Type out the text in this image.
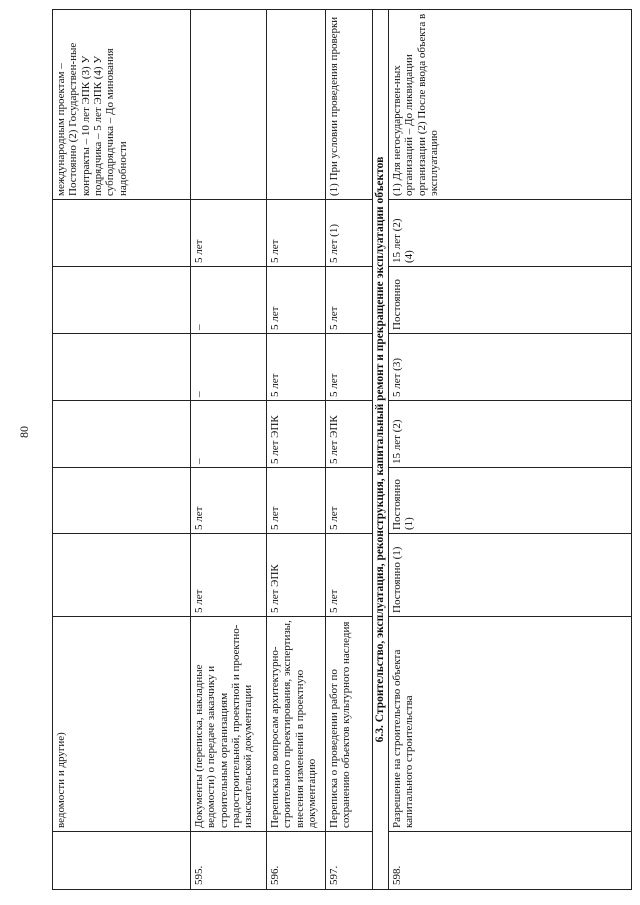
80
	ведомости и другие)							международным проектам – Постоянно (2) Государствен-ные контракты – 10 лет ЭПК (3) У подрядчика – 5 лет ЭПК (4) У субподрядчика – До минования надобности
595.	Документы (переписка, накладные ведомости) о передаче заказчику и строительным организациям градостроительной, проектной и проектно-изыскательской документации	5 лет	5 лет	–	–	–	5 лет	
596.	Переписка по вопросам архитектурно-строительного проектирования, экспертизы, внесения изменений в проектную документацию	5 лет ЭПК	5 лет	5 лет ЭПК	5 лет	5 лет	5 лет	
597.	Переписка о проведении работ по сохранению объектов культурного наследия	5 лет	5 лет	5 лет ЭПК	5 лет	5 лет	5 лет (1)	(1) При условии проведения проверки
6.3. Строительство, эксплуатация, реконструкция, капитальный ремонт и прекращение эксплуатации объектов								
598.	Разрешение на строительство объекта капитального строительства	Постоянно (1)	Постоянно (1)	15 лет (2)	5 лет (3)	Постоянно	15 лет (2) (4)	(1) Для негосударствен-ных организаций – До ликвидации организации (2) После ввода объекта в эксплуатацию
